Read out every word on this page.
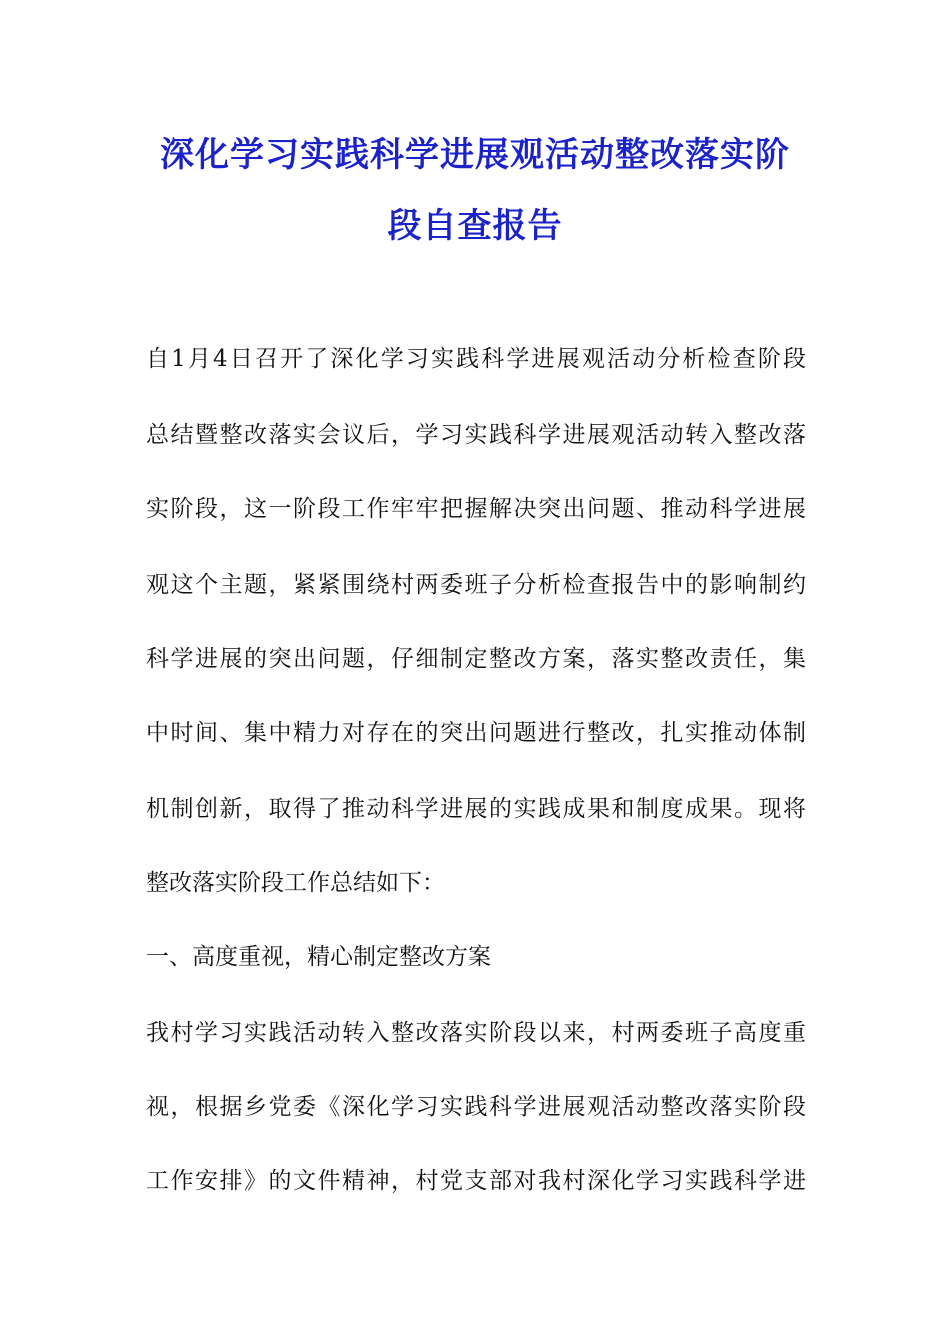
深化学习实践科学进展观活动整改落实阶
段自查报告
自1月4日召开了深化学习实践科学进展观活动分析检查阶段
总结暨整改落实会议后，学习实践科学进展观活动转入整改落
实阶段，这一阶段工作牢牢把握解决突出问题、推动科学进展
观这个主题，紧紧围绕村两委班子分析检查报告中的影响制约
科学进展的突出问题，仔细制定整改方案，落实整改责任，集
中时间、集中精力对存在的突出问题进行整改，扎实推动体制
机制创新，取得了推动科学进展的实践成果和制度成果。现将
整改落实阶段工作总结如下：
一、高度重视，精心制定整改方案
我村学习实践活动转入整改落实阶段以来，村两委班子高度重
视，根据乡党委《深化学习实践科学进展观活动整改落实阶段
工作安排》的文件精神，村党支部对我村深化学习实践科学进
